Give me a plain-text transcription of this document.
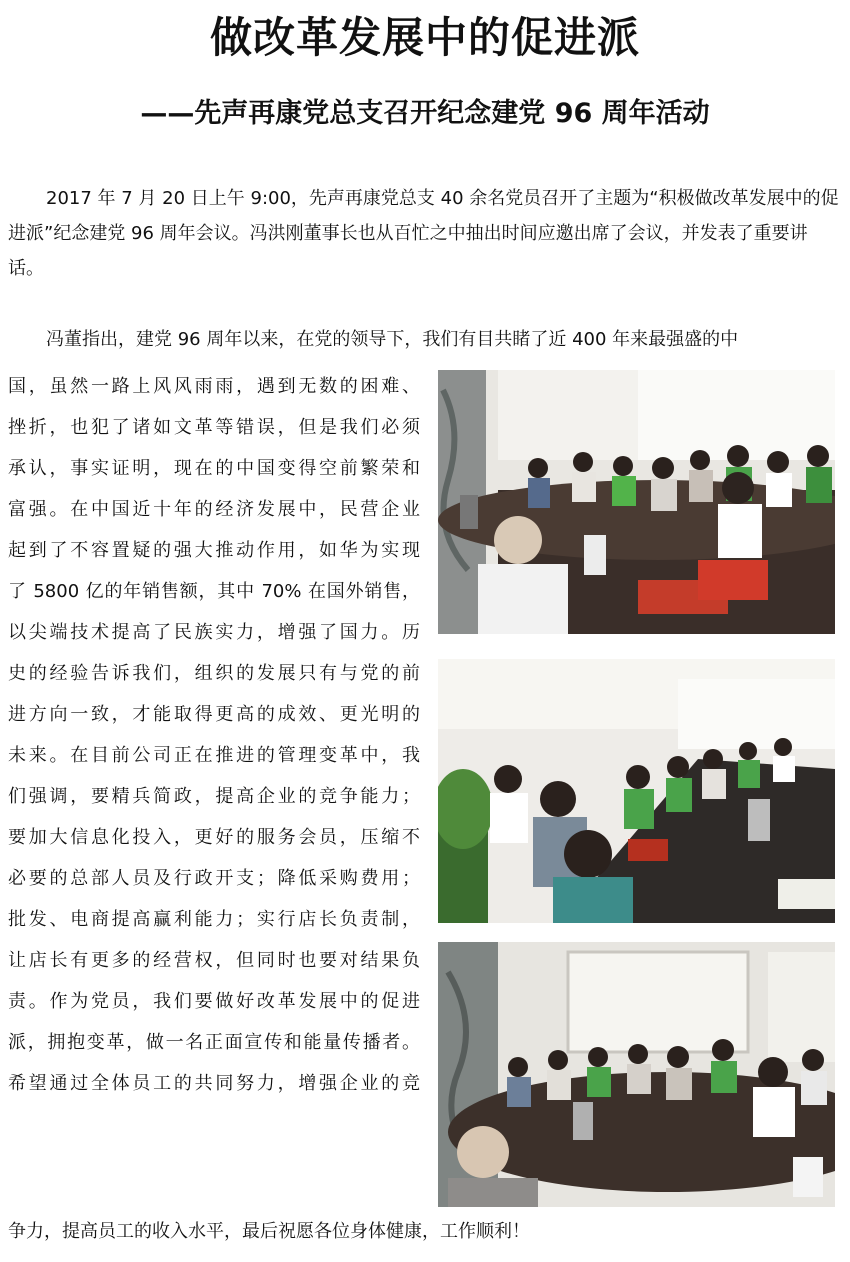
做改革发展中的促进派
——先声再康党总支召开纪念建党 96 周年活动

2017 年 7 月 20 日上午 9:00，先声再康党总支 40 余名党员召开了主题为“积极做改革发展中的促进派”纪念建党 96 周年会议。冯洪刚董事长也从百忙之中抽出时间应邀出席了会议，并发表了重要讲话。

冯董指出，建党 96 周年以来，在党的领导下，我们有目共睹了近 400 年来最强盛的中

国，虽然一路上风风雨雨，遇到无数的困难、

挫折，也犯了诸如文革等错误，但是我们必须

承认，事实证明，现在的中国变得空前繁荣和

富强。在中国近十年的经济发展中，民营企业

起到了不容置疑的强大推动作用，如华为实现

了 5800 亿的年销售额，其中 70% 在国外销售，

以尖端技术提高了民族实力，增强了国力。历

史的经验告诉我们，组织的发展只有与党的前

进方向一致，才能取得更高的成效、更光明的

未来。在目前公司正在推进的管理变革中，我

们强调，要精兵简政，提高企业的竞争能力；

要加大信息化投入，更好的服务会员，压缩不

必要的总部人员及行政开支；降低采购费用；

批发、电商提高赢利能力；实行店长负责制，

让店长有更多的经营权，但同时也要对结果负

责。作为党员，我们要做好改革发展中的促进

派，拥抱变革，做一名正面宣传和能量传播者。

希望通过全体员工的共同努力，增强企业的竞

争力，提高员工的收入水平，最后祝愿各位身体健康，工作顺利！
